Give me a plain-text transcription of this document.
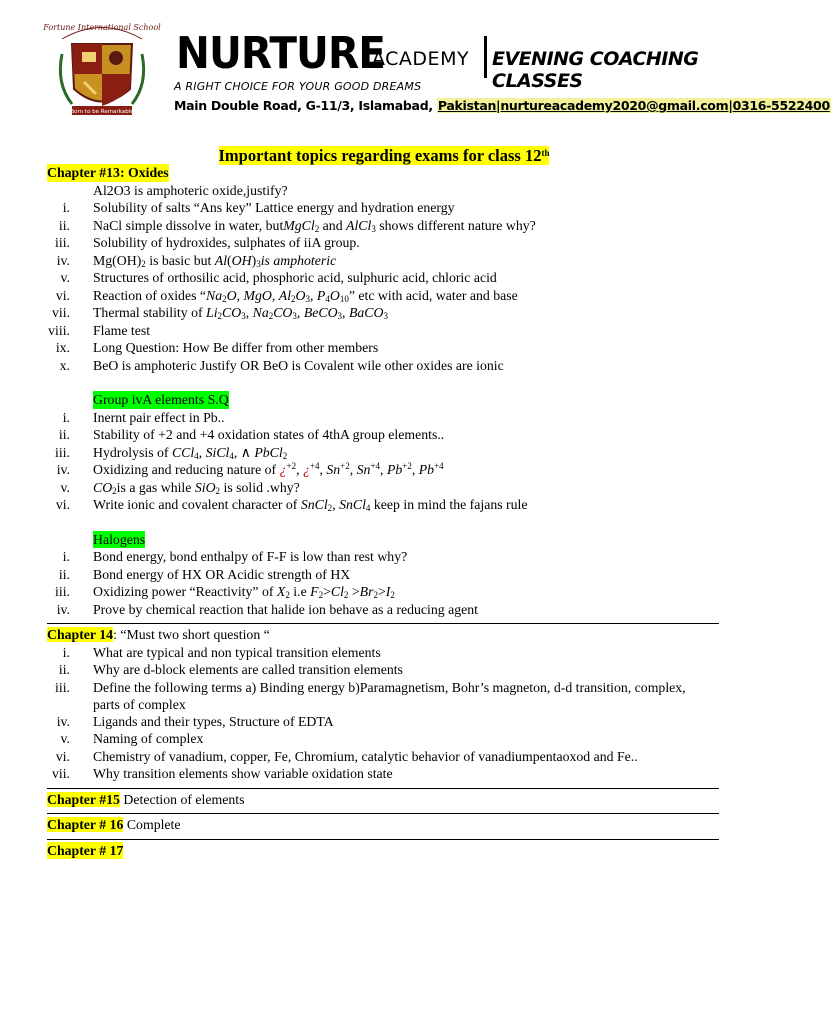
Fortune International School
Born to be Remarkable
NURTURE
ACADEMY EVENING COACHING CLASSES
A RIGHT CHOICE FOR YOUR GOOD DREAMS
Main Double Road, G-11/3, Islamabad, Pakistan|nurtureacademy2020@gmail.com|0316-5522400
Important topics regarding exams for class 12th
Chapter #13: Oxides
Al2O3 is amphoteric oxide,justify?
i. Solubility of salts “Ans key” Lattice energy and hydration energy
ii. NaCl simple dissolve in water, butMgCl$_2$ and AlCl$_3$ shows different nature why?
iii. Solubility of hydroxides, sulphates of iiA group.
iv. $Mg(OH)_2$ is basic but $Al(OH)_3is$ amphoteric
v. Structures of orthosilic acid, phosphoric acid, sulphuric acid, chloric acid
vi. Reaction of oxides “$Na_2O$, MgO, $Al_2O_3$, $P_4O_{10}$” etc with acid, water and base
vii. Thermal stability of $Li_2CO_3$, $Na_2CO_3$, BeCO$_3$, BaCO$_3$
viii. Flame test
ix. Long Question: How Be differ from other members
x. BeO is amphoteric Justify OR BeO is Covalent wile other oxides are ionic
Group ivA elements S.Q
i. Inernt pair effect in Pb..
ii. Stability of +2 and +4 oxidation states of 4thA group elements..
iii. Hydrolysis of CCl$_4$, SiCl$_4$, ∧ PbCl$_2$
iv. Oxidizing and reducing nature of ¿$^{+2}$, ¿$^{+4}$, $Sn^{+2}$, $Sn^{+4}$, $Pb^{+2}$, $Pb^{+4}$
v. $CO_2is$ a gas while SiO$_2$ is solid .why?
vi. Write ionic and covalent character of SnCl$_2$, SnCl$_4$ keep in mind the fajans rule
Halogens
i. Bond energy, bond enthalpy of F-F is low than rest why?
ii. Bond energy of HX OR Acidic strength of HX
iii. Oxidizing power “Reactivity” of $X_2$ i.e $F_2>Cl_2 >Br_2>I_2$
iv. Prove by chemical reaction that halide ion behave as a reducing agent
Chapter 14: “Must two short question “
i. What are typical and non typical transition elements
ii. Why are d-block elements are called transition elements
iii. Define the following terms a) Binding energy b)Paramagnetism, Bohr’s magneton, d-d transition, complex, parts of complex
iv. Ligands and their types, Structure of EDTA
v. Naming of complex
vi. Chemistry of vanadium, copper, Fe, Chromium, catalytic behavior of vanadiumpentaoxod and Fe..
vii. Why transition elements show variable oxidation state
Chapter #15 Detection of elements
Chapter # 16 Complete
Chapter # 17
